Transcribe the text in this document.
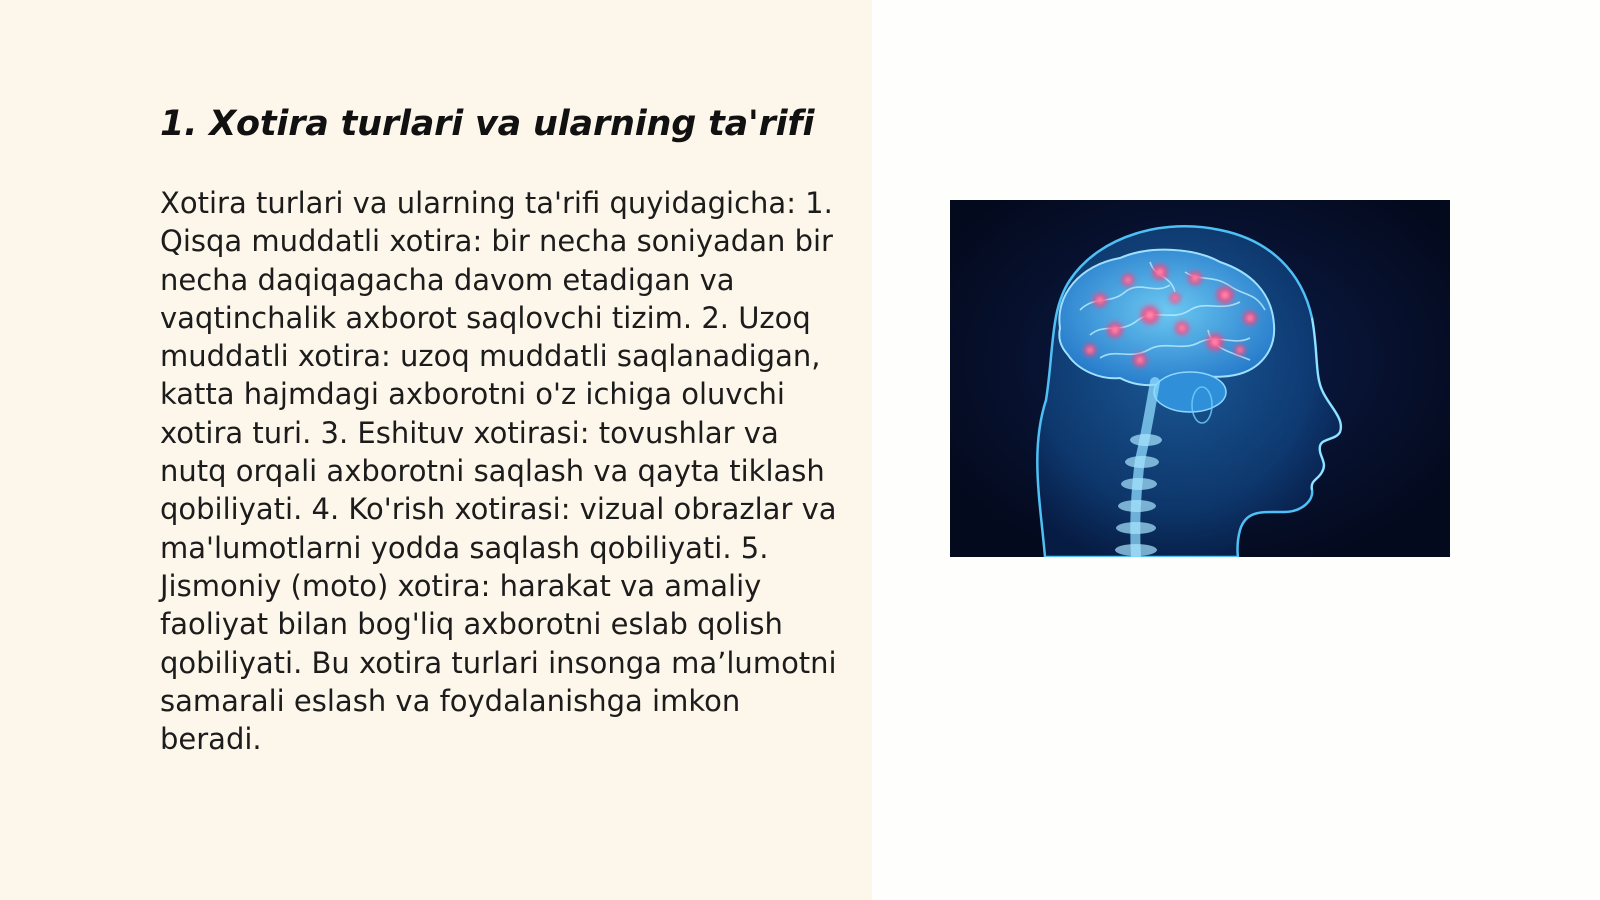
1. Xotira turlari va ularning ta'rifi

Xotira turlari va ularning ta'rifi quyidagicha: 1. Qisqa muddatli xotira: bir necha soniyadan bir necha daqiqagacha davom etadigan va vaqtinchalik axborot saqlovchi tizim. 2. Uzoq muddatli xotira: uzoq muddatli saqlanadigan, katta hajmdagi axborotni o'z ichiga oluvchi xotira turi. 3. Eshituv xotirasi: tovushlar va nutq orqali axborotni saqlash va qayta tiklash qobiliyati. 4. Ko'rish xotirasi: vizual obrazlar va ma'lumotlarni yodda saqlash qobiliyati. 5. Jismoniy (moto) xotira: harakat va amaliy faoliyat bilan bog'liq axborotni eslab qolish qobiliyati. Bu xotira turlari insonga ma’lumotni samarali eslash va foydalanishga imkon beradi.
